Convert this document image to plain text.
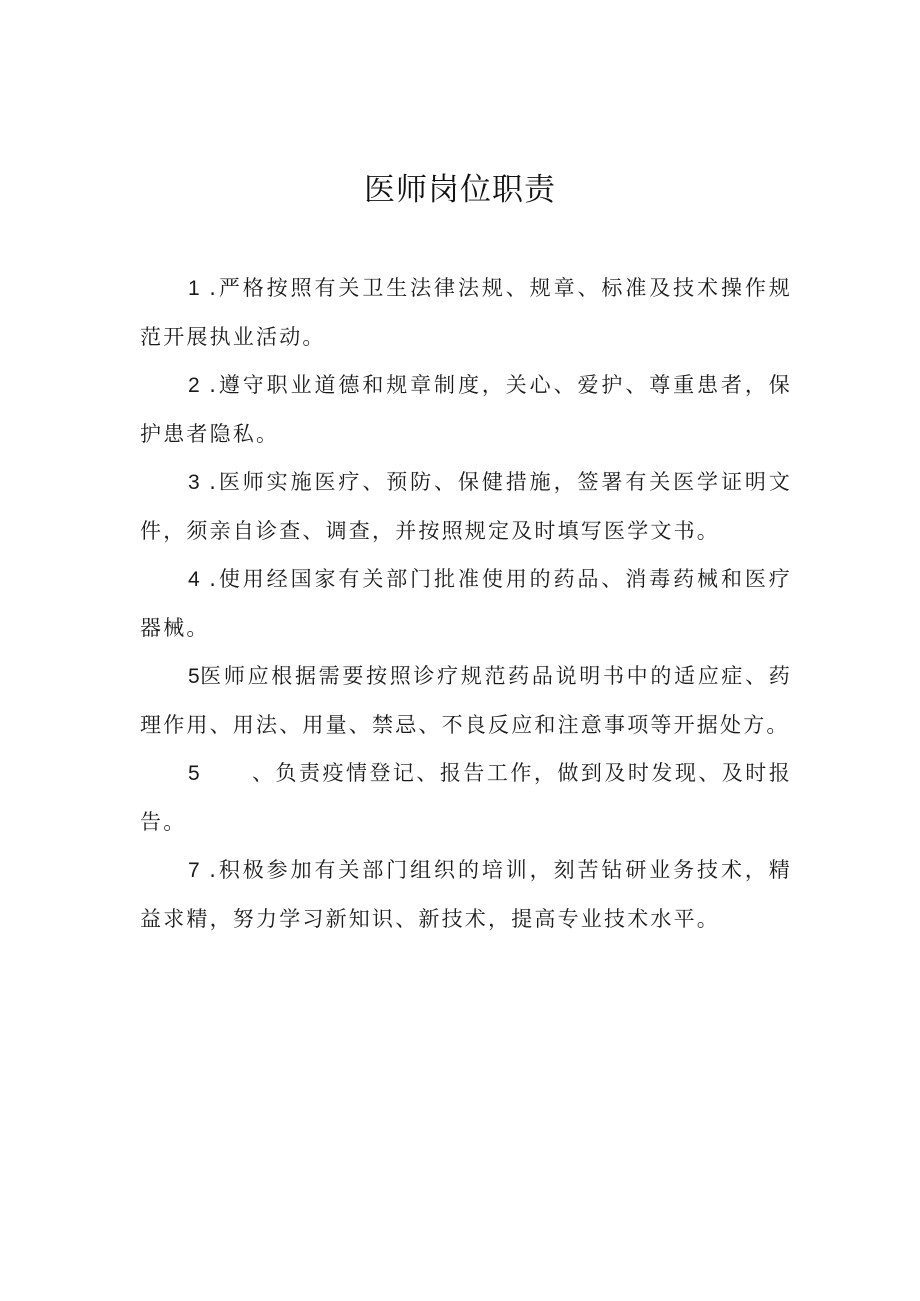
医师岗位职责

1 .严格按照有关卫生法律法规、规章、标准及技术操作规范开展执业活动。

2 .遵守职业道德和规章制度，关心、爱护、尊重患者，保护患者隐私。

3 .医师实施医疗、预防、保健措施，签署有关医学证明文件，须亲自诊查、调查，并按照规定及时填写医学文书。

4 .使用经国家有关部门批准使用的药品、消毒药械和医疗器械。

5医师应根据需要按照诊疗规范药品说明书中的适应症、药理作用、用法、用量、禁忌、不良反应和注意事项等开据处方。

5 、负责疫情登记、报告工作，做到及时发现、及时报告。

7 .积极参加有关部门组织的培训，刻苦钻研业务技术，精益求精，努力学习新知识、新技术，提高专业技术水平。
